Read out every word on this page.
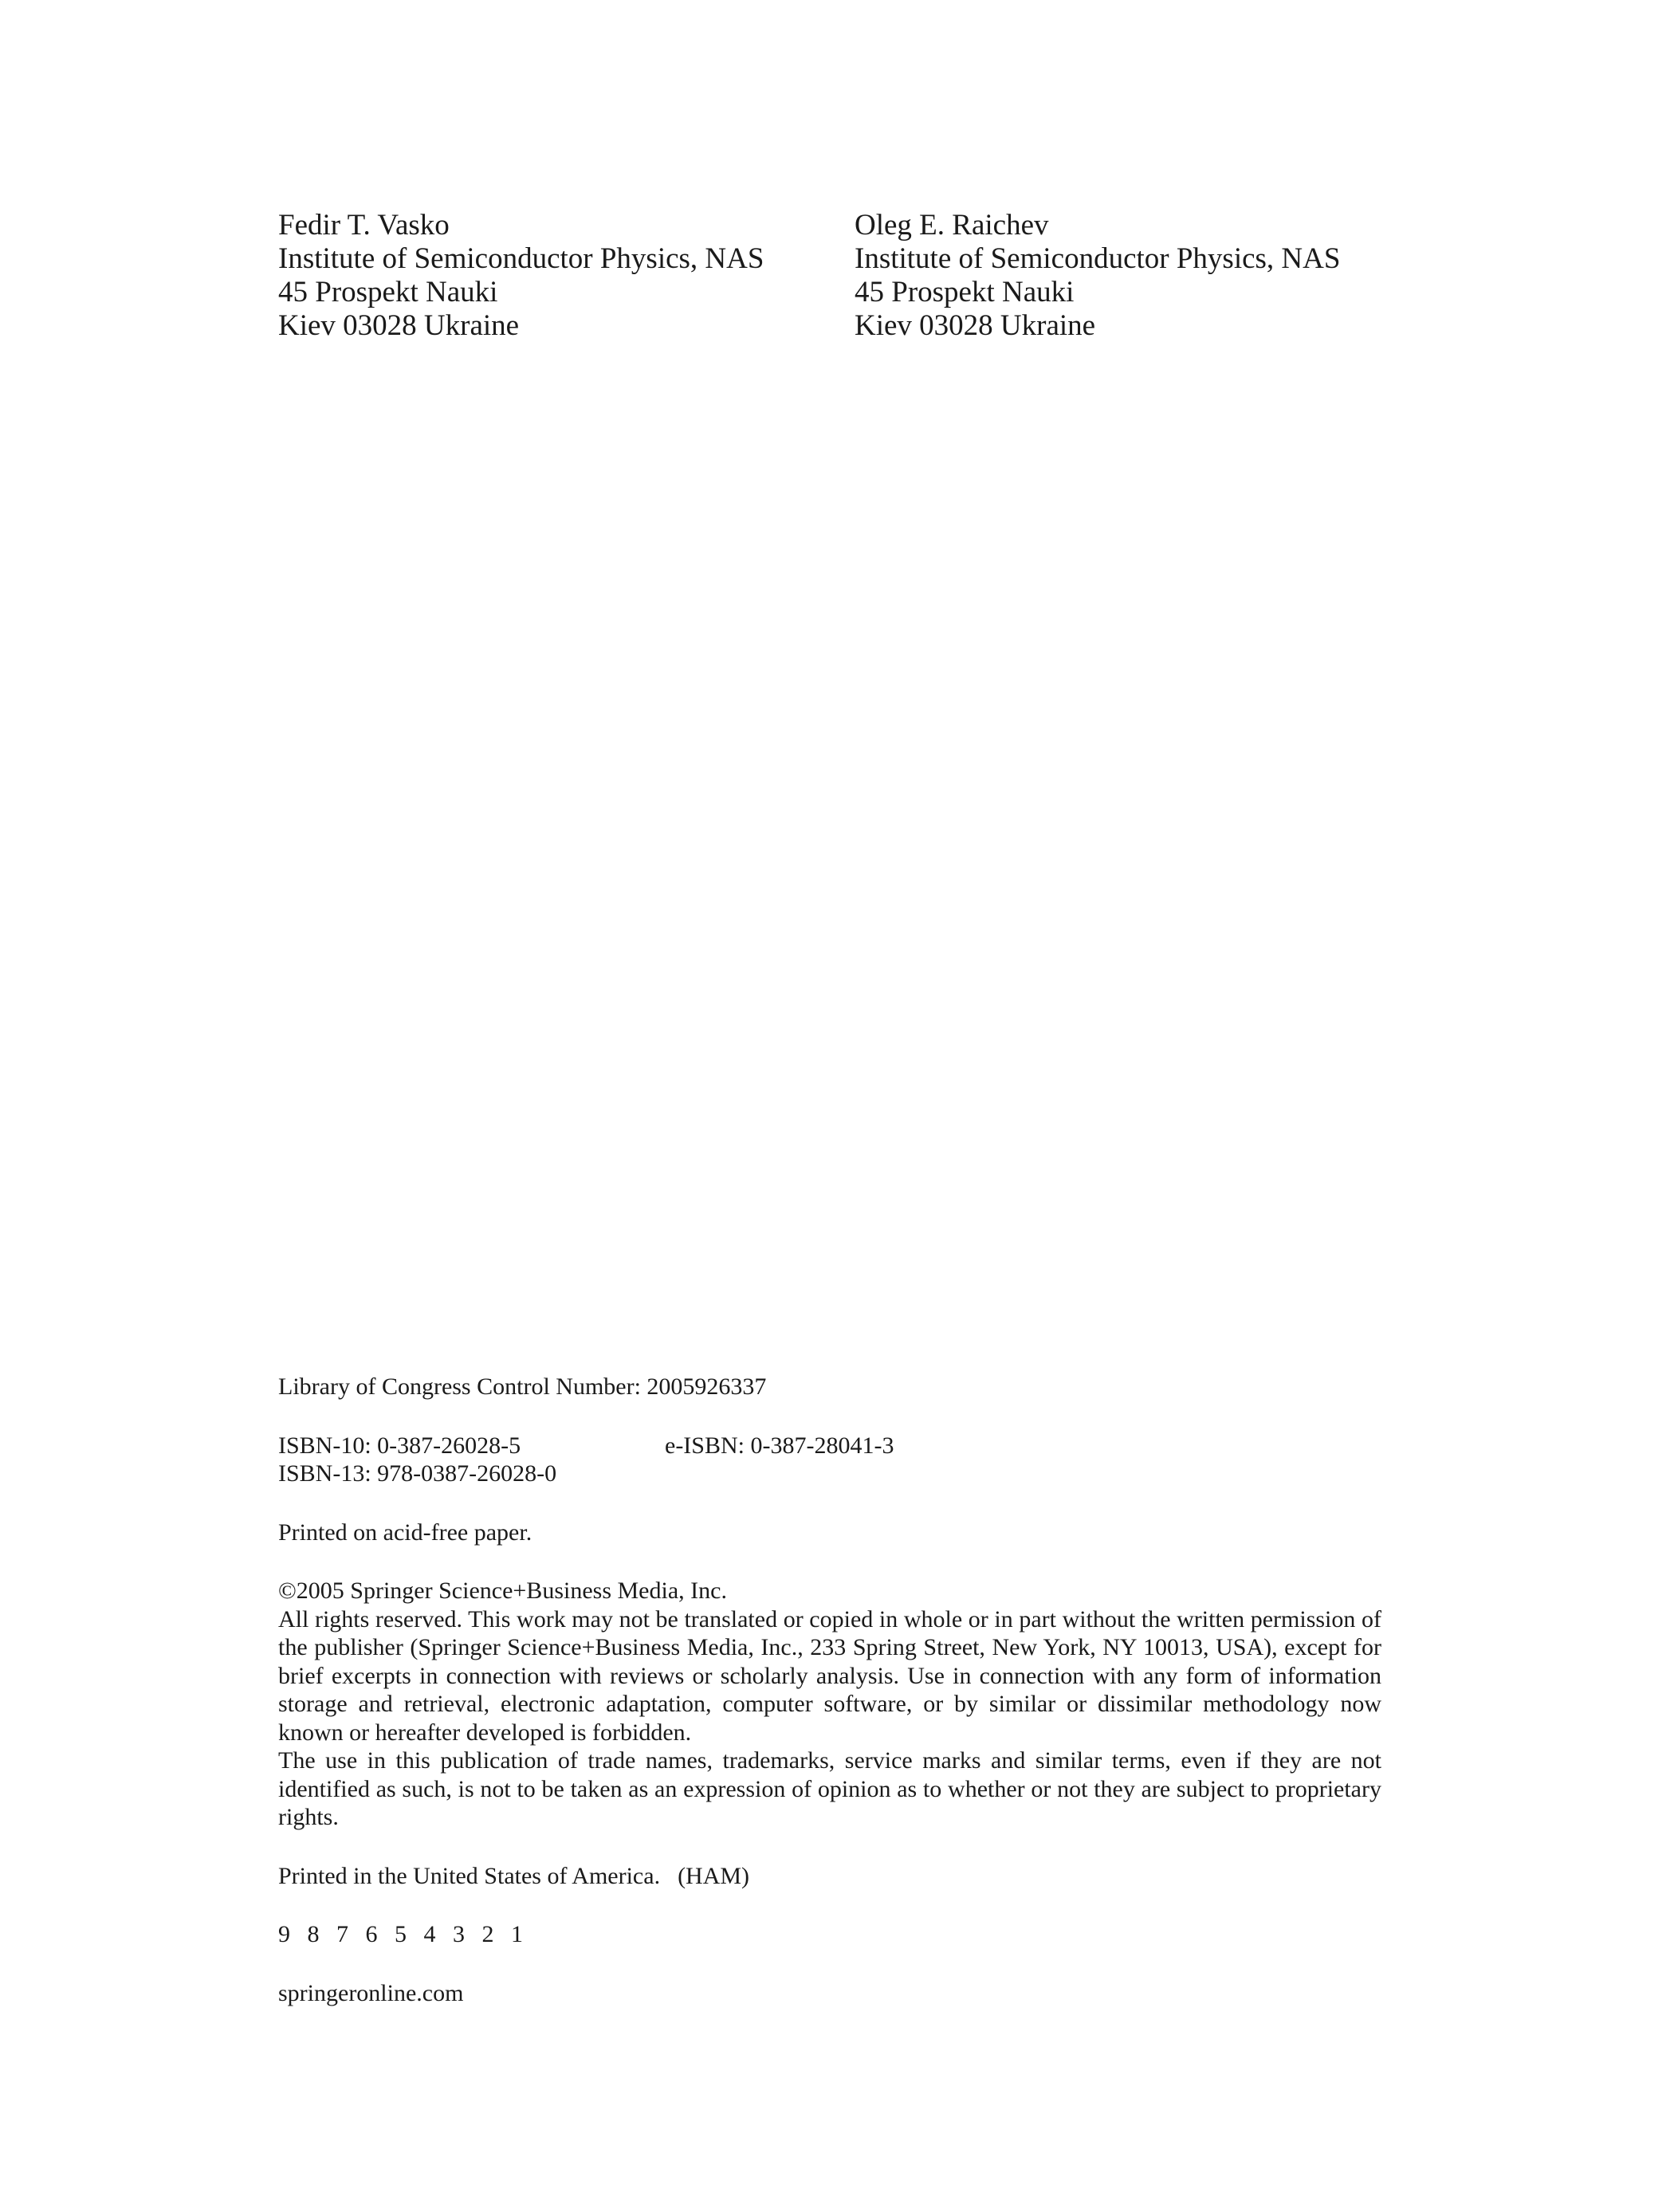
Fedir T. Vasko
Institute of Semiconductor Physics, NAS
45 Prospekt Nauki
Kiev 03028 Ukraine
Oleg E. Raichev
Institute of Semiconductor Physics, NAS
45 Prospekt Nauki
Kiev 03028 Ukraine

Library of Congress Control Number: 2005926337

ISBN-10: 0-387-26028-5	e-ISBN: 0-387-28041-3

ISBN-13: 978-0387-26028-0

Printed on acid-free paper.

©2005 Springer Science+Business Media, Inc.

All rights reserved. This work may not be translated or copied in whole or in part without the written permission of the publisher (Springer Science+Business Media, Inc., 233 Spring Street, New York, NY 10013, USA), except for brief excerpts in connection with reviews or scholarly analysis. Use in connection with any form of information storage and retrieval, electronic adaptation, computer software, or by similar or dissimilar methodology now known or hereafter developed is forbidden.

The use in this publication of trade names, trademarks, service marks and similar terms, even if they are not identified as such, is not to be taken as an expression of opinion as to whether or not they are subject to proprietary rights.

Printed in the United States of America. (HAM)

9 8 7 6 5 4 3 2 1

springeronline.com
